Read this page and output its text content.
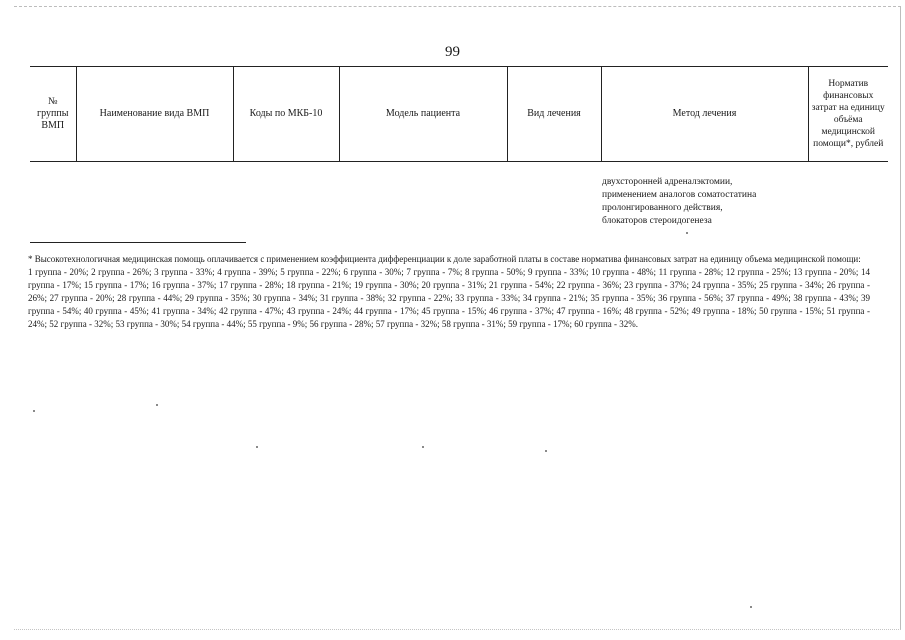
99
№ группы ВМП	Наименование вида ВМП	Коды по МКБ-10	Модель пациента	Вид лечения	Метод лечения	Норматив финансовых затрат на единицу объёма медицинской помощи*, рублей
двухсторонней адреналэктомии,
применением аналогов соматостатина
пролонгированного действия,
блокаторов стероидогенеза
* Высокотехнологичная медицинская помощь оплачивается с применением коэффициента дифференциации к доле заработной платы в составе норматива финансовых затрат на единицу объема медицинской помощи:
1 группа - 20%; 2 группа - 26%; 3 группа - 33%; 4 группа - 39%; 5 группа - 22%; 6 группа - 30%; 7 группа - 7%; 8 группа - 50%; 9 группа - 33%; 10 группа - 48%; 11 группа - 28%; 12 группа - 25%; 13 группа - 20%; 14 группа - 17%; 15 группа - 17%; 16 группа - 37%; 17 группа - 28%; 18 группа - 21%; 19 группа - 30%; 20 группа - 31%; 21 группа - 54%; 22 группа - 36%; 23 группа - 37%; 24 группа - 35%; 25 группа - 34%; 26 группа - 26%; 27 группа - 20%; 28 группа - 44%; 29 группа - 35%; 30 группа - 34%; 31 группа - 38%; 32 группа - 22%; 33 группа - 33%; 34 группа - 21%; 35 группа - 35%; 36 группа - 56%; 37 группа - 49%; 38 группа - 43%; 39 группа - 54%; 40 группа - 45%; 41 группа - 34%; 42 группа - 47%; 43 группа - 24%; 44 группа - 17%; 45 группа - 15%; 46 группа - 37%; 47 группа - 16%; 48 группа - 52%; 49 группа - 18%; 50 группа - 15%; 51 группа - 24%; 52 группа - 32%; 53 группа - 30%; 54 группа - 44%; 55 группа - 9%; 56 группа - 28%; 57 группа - 32%; 58 группа - 31%; 59 группа - 17%; 60 группа - 32%.
